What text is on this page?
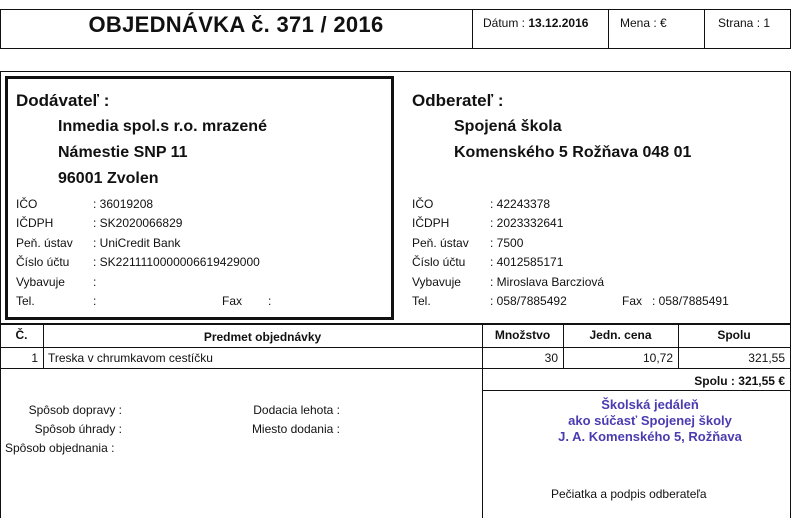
OBJEDNÁVKA č. 371 / 2016	Dátum : 13.12.2016	Mena : €	Strana : 1
Dodávateľ :
Inmedia spol.s r.o. mrazené
Námestie SNP 11
96001 Zvolen
IČO	: 36019208
IČDPH	: SK2020066829
Peň. ústav : UniCredit Bank
Číslo účtu : SK2211110000006619429000
Vybavuje :
Tel.	:	Fax :
Odberateľ :
Spojená škola
Komenského 5 Rožňava 048 01
IČO	: 42243378
IČDPH	: 2023332641
Peň. ústav : 7500
Číslo účtu : 4012585171
Vybavuje : Miroslava Barcziová
Tel.	: 058/7885492	Fax : 058/7885491
Č.	Predmet objednávky	Množstvo	Jedn. cena	Spolu
1 Treska v chrumkavom cestíčku	30	10,72	321,55
Spolu : 321,55 €
Spôsob dopravy :
Spôsob úhrady :
Spôsob objednania :
Dodacia lehota :
Miesto dodania :
Školská jedáleň
ako súčasť Spojenej školy
J. A. Komenského 5, Rožňava
Pečiatka a podpis odberateľa
